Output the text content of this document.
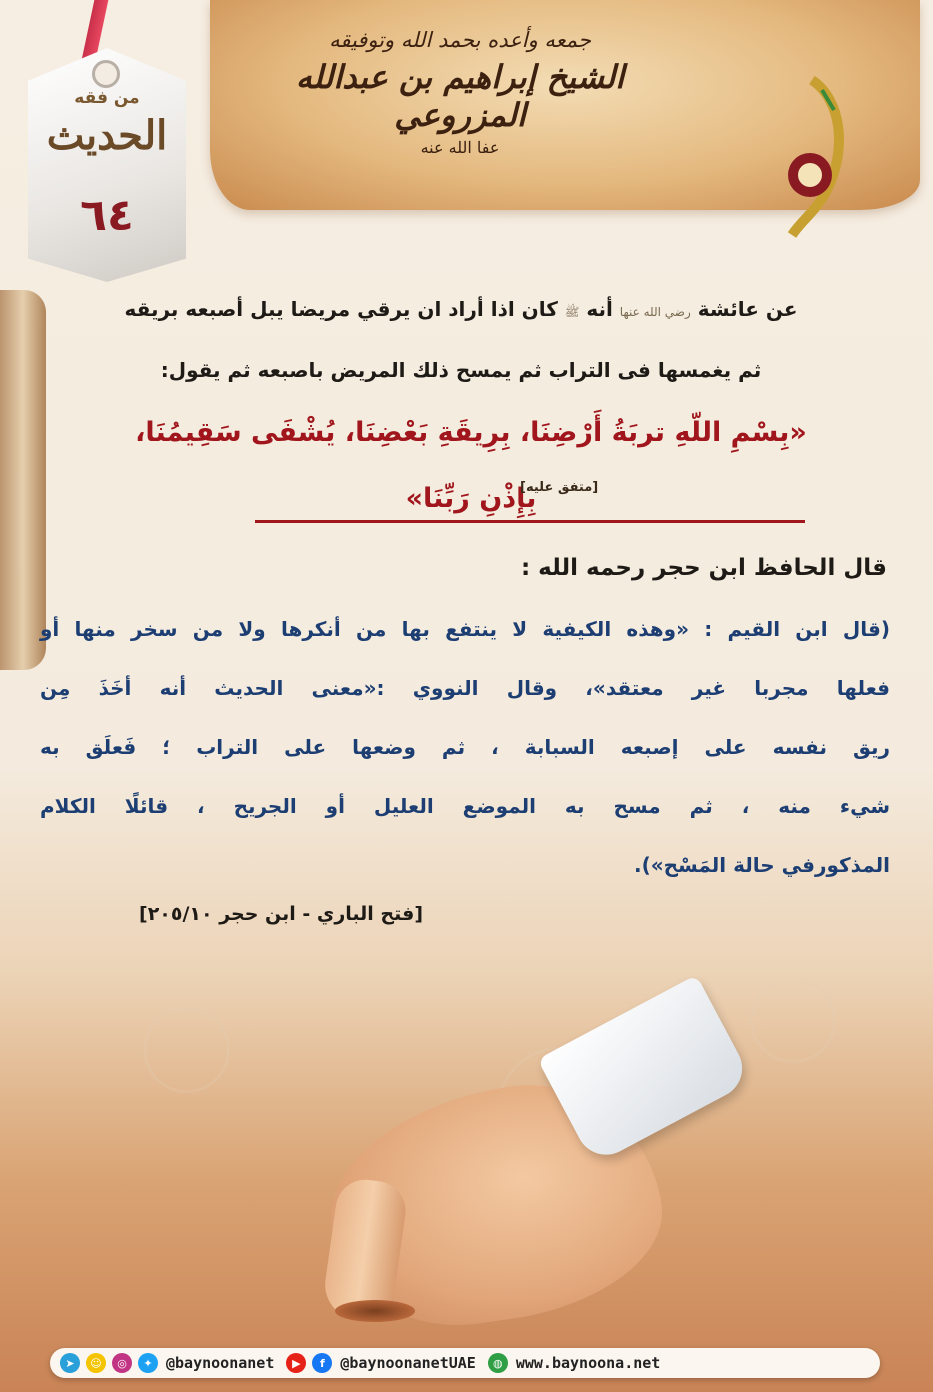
جمعه وأعده بحمد الله وتوفيقه
الشيخ إبراهيم بن عبدالله المزروعي
عفا الله عنه
من فقه
الحديث
٦٤
عن عائشة رضي الله عنها أنه ﷺ كان اذا أراد ان يرقي مريضا يبل أصبعه بريقه
ثم يغمسها فى التراب ثم يمسح ذلك المريض باصبعه ثم يقول:
«بِسْمِ اللّهِ تربَةُ أَرْضِنَا، بِرِيقَةِ بَعْضِنَا، يُشْفَى سَقِيمُنَا،
بِإِذْنِ رَبِّنَا»
[متفق عليه]
قال الحافظ ابن حجر رحمه الله :
(قال ابن القيم : «وهذه الكيفية لا ينتفع بها من أنكرها ولا من سخر منها أو
فعلها مجربا غير معتقد»، وقال النووي :«معنى الحديث أنه أخَذَ مِن
ريق نفسه على إصبعه السبابة ، ثم وضعها على التراب ؛ فَعلَق به
شيء منه ، ثم مسح به الموضع العليل أو الجريح ، قائلًا الكلام
المذكورفي حالة المَسْح»).
[فتح الباري - ابن حجر ٢٠٥/١٠]
➤	☺	◎	✦ @baynoonanet	▶	f	@baynoonanetUAE	◍ www.baynoona.net
